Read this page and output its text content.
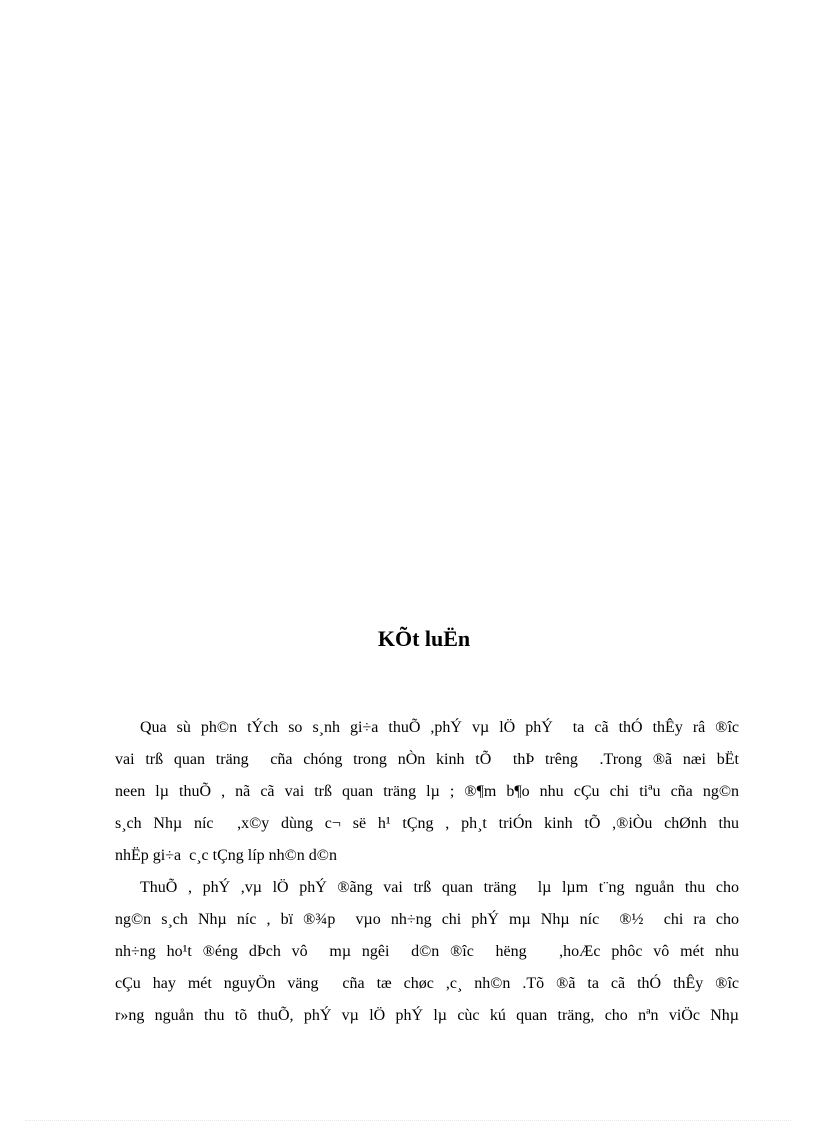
KÕt luËn
Qua sù ph©n tÝch so s¸nh gi÷a thuÕ ,phÝ vµ lÖ phÝ  ta cã thÓ thÊy râ ®îc
vai trß quan träng  cña chóng trong nÒn kinh tÕ  thÞ trêng  .Trong ®ã næi bËt
neen lµ thuÕ , nã cã vai trß quan träng lµ ; ®¶m b¶o nhu cÇu chi tiªu cña ng©n
s¸ch Nhµ níc  ,x©y dùng c¬ së h¹ tÇng , ph¸t triÓn kinh tÕ ,®iÒu chØnh thu
nhËp gi÷a  c¸c tÇng líp nh©n d©n
ThuÕ , phÝ ,vµ lÖ phÝ ®ãng vai trß quan träng  lµ lµm t¨ng nguån thu cho
ng©n s¸ch Nhµ níc , bï ®¾p  vµo nh÷ng chi phÝ mµ Nhµ níc  ®½  chi ra cho
nh÷ng ho¹t ®éng dÞch vô  mµ ngêi  d©n ®îc  hëng   ,hoÆc phôc vô mét nhu
cÇu hay mét nguyÖn väng  cña tæ chøc ,c¸ nh©n .Tõ ®ã ta cã thÓ thÊy ®îc
r»ng nguån thu tõ thuÕ, phÝ vµ lÖ phÝ lµ cùc kú quan träng, cho nªn viÖc Nhµ
